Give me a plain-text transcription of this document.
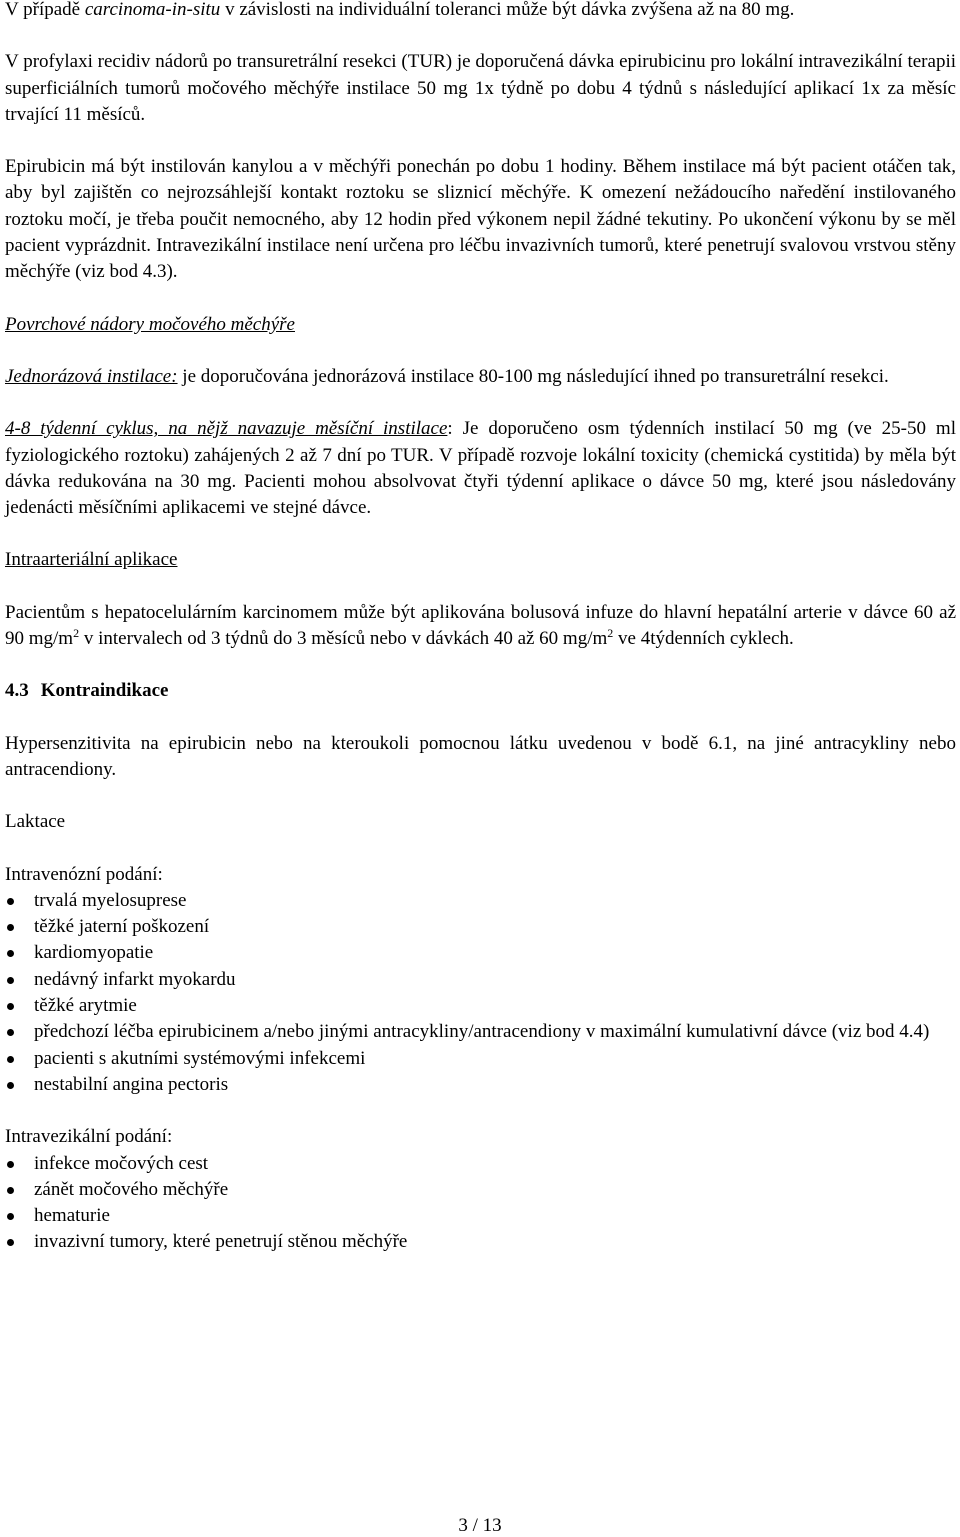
V případě carcinoma-in-situ v závislosti na individuální toleranci může být dávka zvýšena až na 80 mg.

V profylaxi recidiv nádorů po transuretrální resekci (TUR) je doporučená dávka epirubicinu pro lokální intravezikální terapii superficiálních tumorů močového měchýře instilace 50 mg 1x týdně po dobu 4 týdnů s následující aplikací 1x za měsíc trvající 11 měsíců.

Epirubicin má být instilován kanylou a v měchýři ponechán po dobu 1 hodiny. Během instilace má být pacient otáčen tak, aby byl zajištěn co nejrozsáhlejší kontakt roztoku se sliznicí měchýře. K omezení nežádoucího naředění instilovaného roztoku močí, je třeba poučit nemocného, aby 12 hodin před výkonem nepil žádné tekutiny. Po ukončení výkonu by se měl pacient vyprázdnit. Intravezikální instilace není určena pro léčbu invazivních tumorů, které penetrují svalovou vrstvou stěny měchýře (viz bod 4.3).

Povrchové nádory močového měchýře

Jednorázová instilace: je doporučována jednorázová instilace 80-100 mg následující ihned po transuretrální resekci.

4-8 týdenní cyklus, na nějž navazuje měsíční instilace: Je doporučeno osm týdenních instilací 50 mg (ve 25-50 ml fyziologického roztoku) zahájených 2 až 7 dní po TUR. V případě rozvoje lokální toxicity (chemická cystitida) by měla být dávka redukována na 30 mg. Pacienti mohou absolvovat čtyři týdenní aplikace o dávce 50 mg, které jsou následovány jedenácti měsíčními aplikacemi ve stejné dávce.

Intraarteriální aplikace

Pacientům s hepatocelulárním karcinomem může být aplikována bolusová infuze do hlavní hepatální arterie v dávce 60 až 90 $mg/m^2$ v intervalech od 3 týdnů do 3 měsíců nebo v dávkách 40 až 60 $mg/m^2$ ve 4týdenních cyklech.

4.3 Kontraindikace

Hypersenzitivita na epirubicin nebo na kteroukoli pomocnou látku uvedenou v bodě 6.1, na jiné antracykliny nebo antracendiony.

Laktace

Intravenózní podání:

trvalá myelosuprese
těžké jaterní poškození
kardiomyopatie
nedávný infarkt myokardu
těžké arytmie
předchozí léčba epirubicinem a/nebo jinými antracykliny/antracendiony v maximální kumulativní dávce (viz bod 4.4)
pacienti s akutními systémovými infekcemi
nestabilní angina pectoris

Intravezikální podání:

infekce močových cest
zánět močového měchýře
hematurie
invazivní tumory, které penetrují stěnou měchýře
3 / 13
